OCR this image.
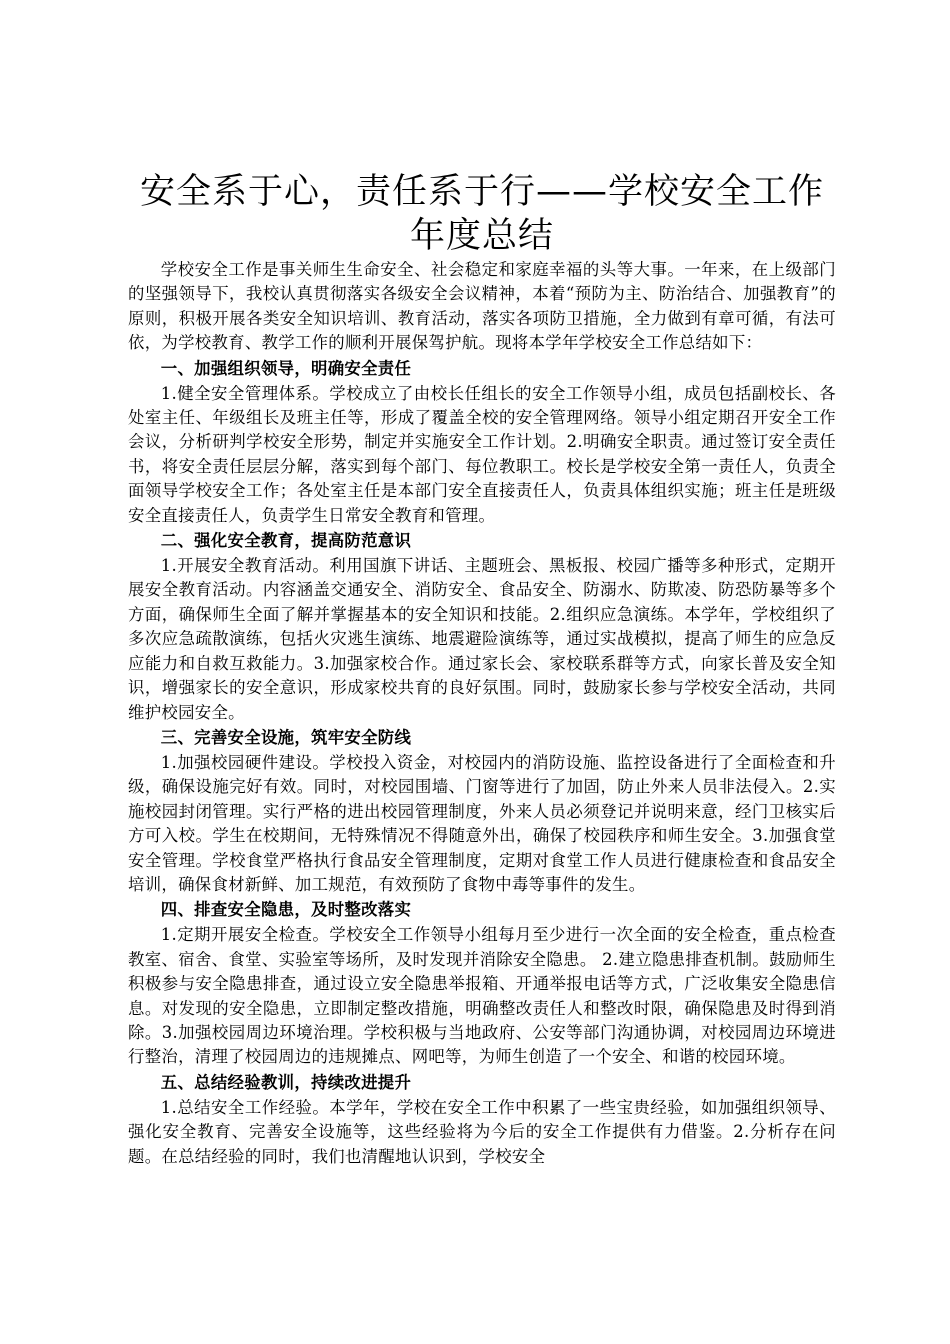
安全系于心，责任系于行——学校安全工作年度总结

学校安全工作是事关师生生命安全、社会稳定和家庭幸福的头等大事。一年来，在上级部门的坚强领导下，我校认真贯彻落实各级安全会议精神，本着“预防为主、防治结合、加强教育”的原则，积极开展各类安全知识培训、教育活动，落实各项防卫措施，全力做到有章可循，有法可依，为学校教育、教学工作的顺利开展保驾护航。现将本学年学校安全工作总结如下：

一、加强组织领导，明确安全责任

1.健全安全管理体系。学校成立了由校长任组长的安全工作领导小组，成员包括副校长、各处室主任、年级组长及班主任等，形成了覆盖全校的安全管理网络。领导小组定期召开安全工作会议，分析研判学校安全形势，制定并实施安全工作计划。2.明确安全职责。通过签订安全责任书，将安全责任层层分解，落实到每个部门、每位教职工。校长是学校安全第一责任人，负责全面领导学校安全工作；各处室主任是本部门安全直接责任人，负责具体组织实施；班主任是班级安全直接责任人，负责学生日常安全教育和管理。

二、强化安全教育，提高防范意识

1.开展安全教育活动。利用国旗下讲话、主题班会、黑板报、校园广播等多种形式，定期开展安全教育活动。内容涵盖交通安全、消防安全、食品安全、防溺水、防欺凌、防恐防暴等多个方面，确保师生全面了解并掌握基本的安全知识和技能。2.组织应急演练。本学年，学校组织了多次应急疏散演练，包括火灾逃生演练、地震避险演练等，通过实战模拟，提高了师生的应急反应能力和自救互救能力。3.加强家校合作。通过家长会、家校联系群等方式，向家长普及安全知识，增强家长的安全意识，形成家校共育的良好氛围。同时，鼓励家长参与学校安全活动，共同维护校园安全。

三、完善安全设施，筑牢安全防线

1.加强校园硬件建设。学校投入资金，对校园内的消防设施、监控设备进行了全面检查和升级，确保设施完好有效。同时，对校园围墙、门窗等进行了加固，防止外来人员非法侵入。2.实施校园封闭管理。实行严格的进出校园管理制度，外来人员必须登记并说明来意，经门卫核实后方可入校。学生在校期间，无特殊情况不得随意外出，确保了校园秩序和师生安全。3.加强食堂安全管理。学校食堂严格执行食品安全管理制度，定期对食堂工作人员进行健康检查和食品安全培训，确保食材新鲜、加工规范，有效预防了食物中毒等事件的发生。

四、排查安全隐患，及时整改落实

1.定期开展安全检查。学校安全工作领导小组每月至少进行一次全面的安全检查，重点检查教室、宿舍、食堂、实验室等场所，及时发现并消除安全隐患。 2.建立隐患排查机制。鼓励师生积极参与安全隐患排查，通过设立安全隐患举报箱、开通举报电话等方式，广泛收集安全隐患信息。对发现的安全隐患，立即制定整改措施，明确整改责任人和整改时限，确保隐患及时得到消除。3.加强校园周边环境治理。学校积极与当地政府、公安等部门沟通协调，对校园周边环境进行整治，清理了校园周边的违规摊点、网吧等，为师生创造了一个安全、和谐的校园环境。

五、总结经验教训，持续改进提升

1.总结安全工作经验。本学年，学校在安全工作中积累了一些宝贵经验，如加强组织领导、强化安全教育、完善安全设施等，这些经验将为今后的安全工作提供有力借鉴。2.分析存在问题。在总结经验的同时，我们也清醒地认识到，学校安全
